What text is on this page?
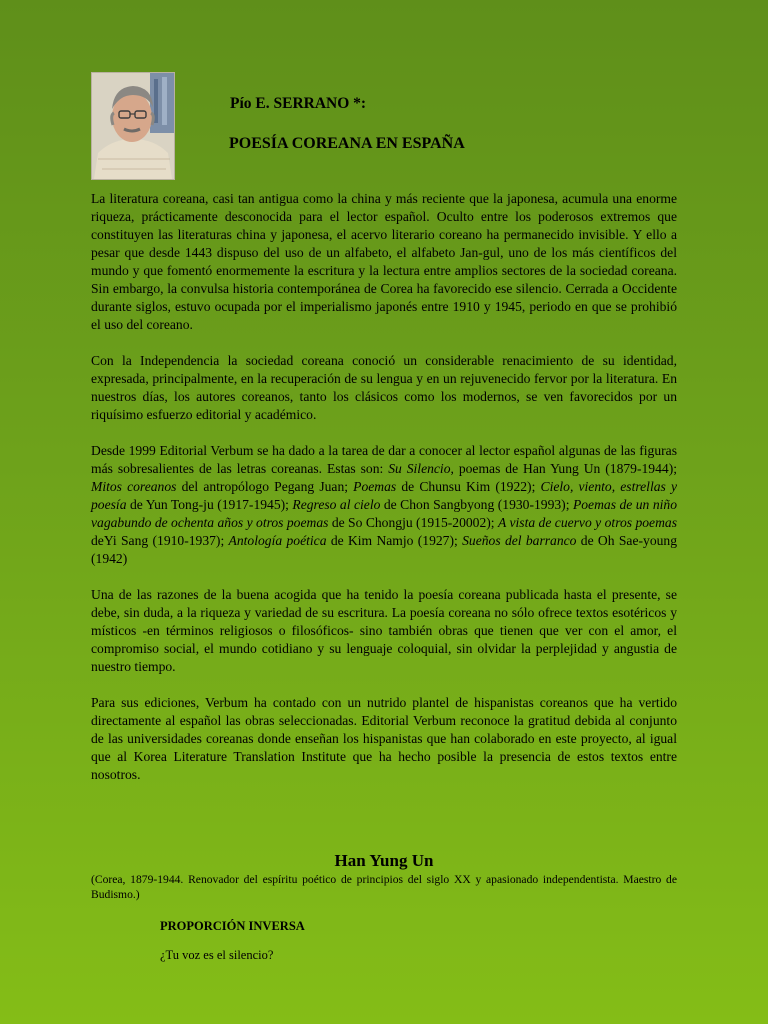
Pío E. SERRANO *:
POESÍA COREANA EN ESPAÑA

La literatura coreana, casi tan antigua como la china y más reciente que la japonesa, acumula una enorme riqueza, prácticamente desconocida para el lector español. Oculto entre los poderosos extremos que constituyen las literaturas china y japonesa, el acervo literario coreano ha permanecido invisible. Y ello a pesar que desde 1443 dispuso del uso de un alfabeto, el alfabeto Jan-gul, uno de los más científicos del mundo y que fomentó enormemente la escritura y la lectura entre amplios sectores de la sociedad coreana. Sin embargo, la convulsa historia contemporánea de Corea ha favorecido ese silencio. Cerrada a Occidente durante siglos, estuvo ocupada por el imperialismo japonés entre 1910 y 1945, periodo en que se prohibió el uso del coreano.

Con la Independencia la sociedad coreana conoció un considerable renacimiento de su identidad, expresada, principalmente, en la recuperación de su lengua y en un rejuvenecido fervor por la literatura. En nuestros días, los autores coreanos, tanto los clásicos como los modernos, se ven favorecidos por un riquísimo esfuerzo editorial y académico.

Desde 1999 Editorial Verbum se ha dado a la tarea de dar a conocer al lector español algunas de las figuras más sobresalientes de las letras coreanas. Estas son: Su Silencio, poemas de Han Yung Un (1879-1944); Mitos coreanos del antropólogo Pegang Juan; Poemas de Chunsu Kim (1922); Cielo, viento, estrellas y poesía de Yun Tong-ju (1917-1945); Regreso al cielo de Chon Sangbyong (1930-1993); Poemas de un niño vagabundo de ochenta años y otros poemas de So Chongju (1915-20002); A vista de cuervo y otros poemas deYi Sang (1910-1937); Antología poética de Kim Namjo (1927); Sueños del barranco de Oh Sae-young (1942)

Una de las razones de la buena acogida que ha tenido la poesía coreana publicada hasta el presente, se debe, sin duda, a la riqueza y variedad de su escritura. La poesía coreana no sólo ofrece textos esotéricos y místicos -en términos religiosos o filosóficos- sino también obras que tienen que ver con el amor, el compromiso social, el mundo cotidiano y su lenguaje coloquial, sin olvidar la perplejidad y angustia de nuestro tiempo.

Para sus ediciones, Verbum ha contado con un nutrido plantel de hispanistas coreanos que ha vertido directamente al español las obras seleccionadas. Editorial Verbum reconoce la gratitud debida al conjunto de las universidades coreanas donde enseñan los hispanistas que han colaborado en este proyecto, al igual que al Korea Literature Translation Institute que ha hecho posible la presencia de estos textos entre nosotros.

Han Yung Un
(Corea, 1879-1944. Renovador del espíritu poético de principios del siglo XX y apasionado independentista. Maestro de Budismo.)
PROPORCIÓN INVERSA
¿Tu voz es el silencio?
